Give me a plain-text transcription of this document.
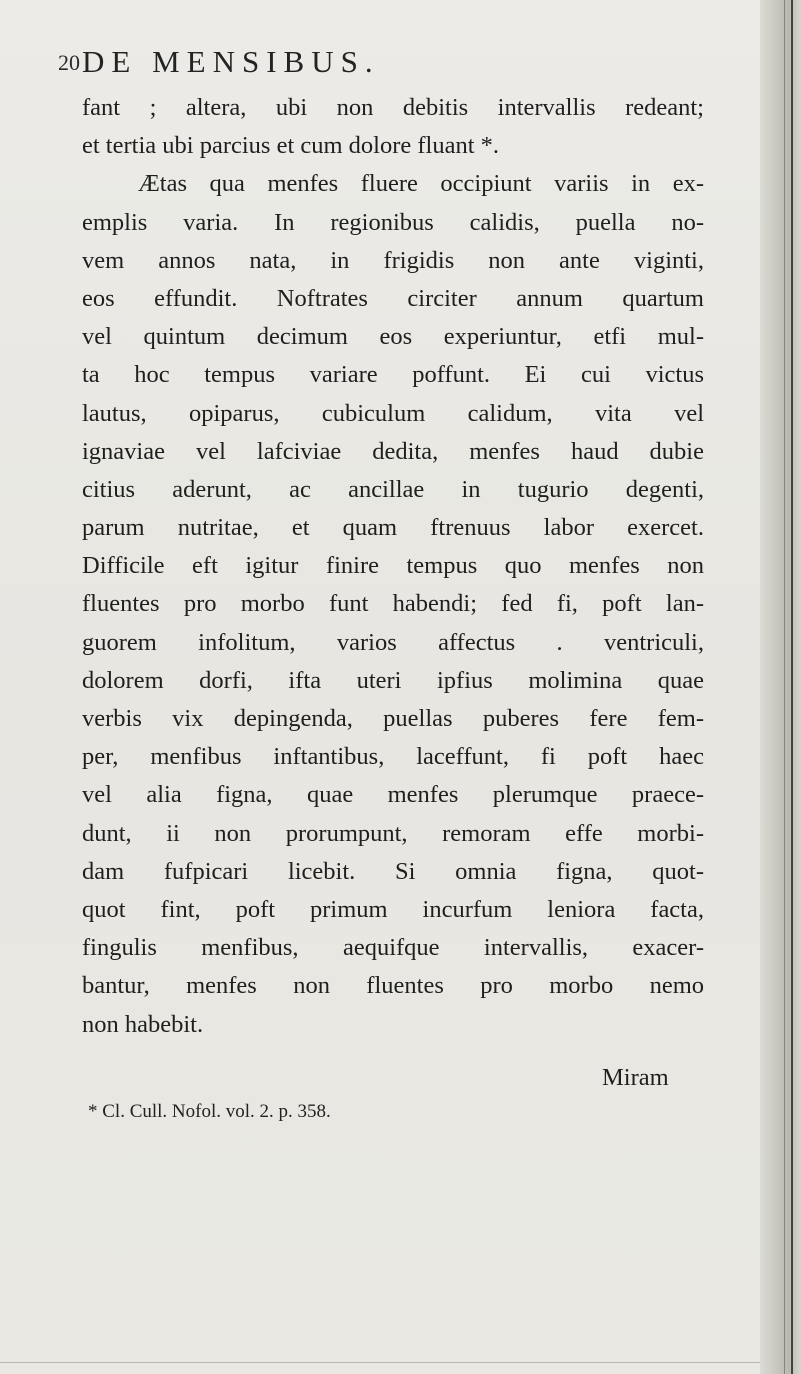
20 DE MENSIBUS.
fant ; altera, ubi non debitis intervallis redeant;
et tertia ubi parcius et cum dolore fluant *.
Ætas qua menfes fluere occipiunt variis in ex-
emplis varia. In regionibus calidis, puella no-
vem annos nata, in frigidis non ante viginti,
eos effundit. Noftrates circiter annum quartum
vel quintum decimum eos experiuntur, etfi mul-
ta hoc tempus variare poffunt. Ei cui victus
lautus, opiparus, cubiculum calidum, vita vel
ignaviae vel lafciviae dedita, menfes haud dubie
citius aderunt, ac ancillae in tugurio degenti,
parum nutritae, et quam ftrenuus labor exercet.
Difficile eft igitur finire tempus quo menfes non
fluentes pro morbo funt habendi; fed fi, poft lan-
guorem infolitum, varios affectus . ventriculi,
dolorem dorfi, ifta uteri ipfius molimina quae
verbis vix depingenda, puellas puberes fere fem-
per, menfibus inftantibus, laceffunt, fi poft haec
vel alia figna, quae menfes plerumque praece-
dunt, ii non prorumpunt, remoram effe morbi-
dam fufpicari licebit. Si omnia figna, quot-
quot fint, poft primum incurfum leniora facta,
fingulis menfibus, aequifque intervallis, exacer-
bantur, menfes non fluentes pro morbo nemo
non habebit.
Miram
* Cl. Cull. Nofol. vol. 2. p. 358.
